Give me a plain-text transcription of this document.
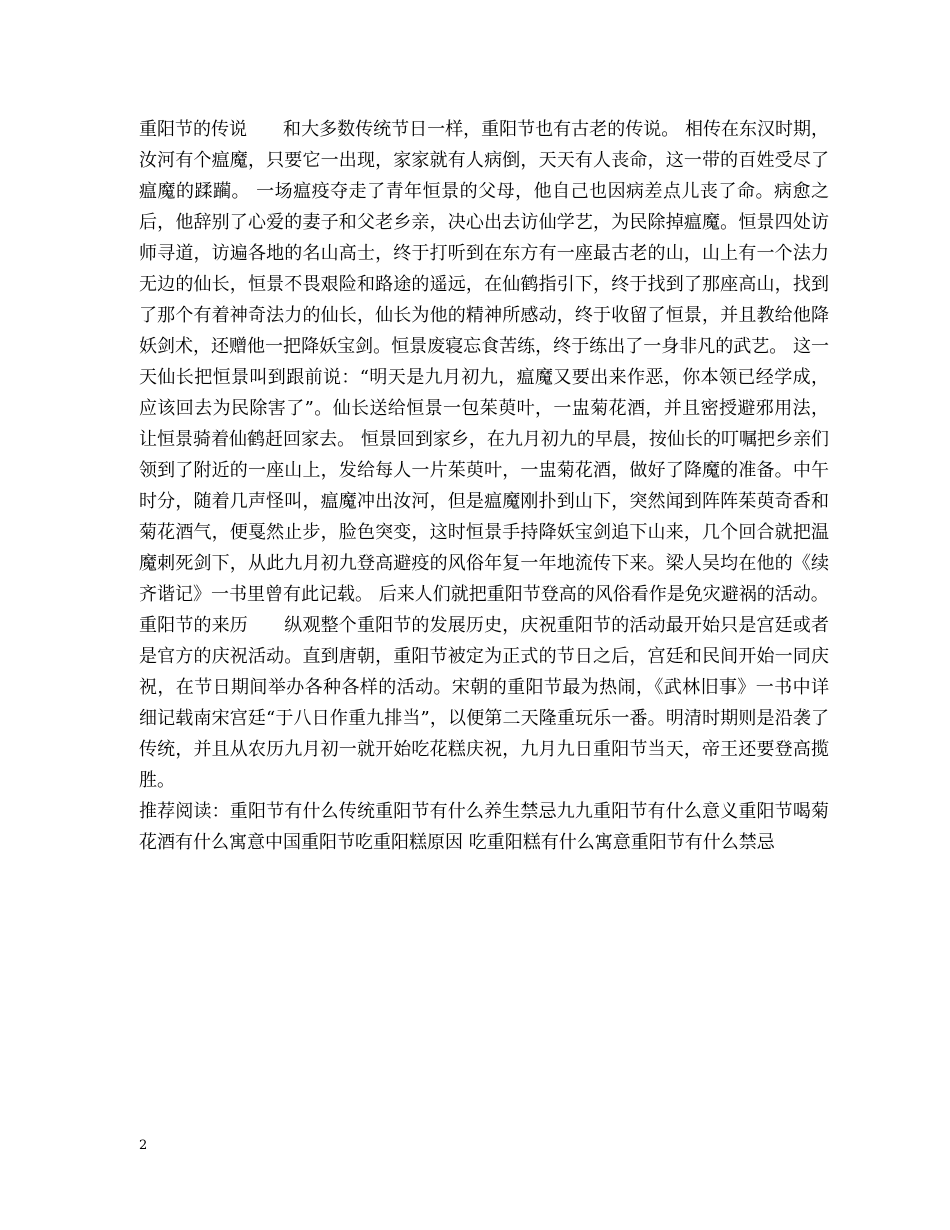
重阳节的传说　　和大多数传统节日一样，重阳节也有古老的传说。 相传在东汉时期，汝河有个瘟魔，只要它一出现，家家就有人病倒，天天有人丧命，这一带的百姓受尽了瘟魔的蹂躏。 一场瘟疫夺走了青年恒景的父母，他自己也因病差点儿丧了命。病愈之后，他辞别了心爱的妻子和父老乡亲，决心出去访仙学艺，为民除掉瘟魔。恒景四处访师寻道，访遍各地的名山高士，终于打听到在东方有一座最古老的山，山上有一个法力无边的仙长，恒景不畏艰险和路途的遥远，在仙鹤指引下，终于找到了那座高山，找到了那个有着神奇法力的仙长，仙长为他的精神所感动，终于收留了恒景，并且教给他降妖剑术，还赠他一把降妖宝剑。恒景废寝忘食苦练，终于练出了一身非凡的武艺。 这一天仙长把恒景叫到跟前说：“明天是九月初九，瘟魔又要出来作恶，你本领已经学成，应该回去为民除害了”。仙长送给恒景一包茱萸叶，一盅菊花酒，并且密授避邪用法，让恒景骑着仙鹤赶回家去。 恒景回到家乡，在九月初九的早晨，按仙长的叮嘱把乡亲们领到了附近的一座山上，发给每人一片茱萸叶，一盅菊花酒，做好了降魔的准备。中午时分，随着几声怪叫，瘟魔冲出汝河，但是瘟魔刚扑到山下，突然闻到阵阵茱萸奇香和菊花酒气，便戛然止步，脸色突变，这时恒景手持降妖宝剑追下山来，几个回合就把温魔刺死剑下，从此九月初九登高避疫的风俗年复一年地流传下来。梁人吴均在他的《续齐谐记》一书里曾有此记载。 后来人们就把重阳节登高的风俗看作是免灾避祸的活动。

重阳节的来历　　纵观整个重阳节的发展历史，庆祝重阳节的活动最开始只是宫廷或者是官方的庆祝活动。直到唐朝，重阳节被定为正式的节日之后，宫廷和民间开始一同庆祝，在节日期间举办各种各样的活动。宋朝的重阳节最为热闹，《武林旧事》一书中详细记载南宋宫廷“于八日作重九排当”，以便第二天隆重玩乐一番。明清时期则是沿袭了传统，并且从农历九月初一就开始吃花糕庆祝，九月九日重阳节当天，帝王还要登高揽胜。

推荐阅读：重阳节有什么传统重阳节有什么养生禁忌九九重阳节有什么意义重阳节喝菊花酒有什么寓意中国重阳节吃重阳糕原因 吃重阳糕有什么寓意重阳节有什么禁忌

2
